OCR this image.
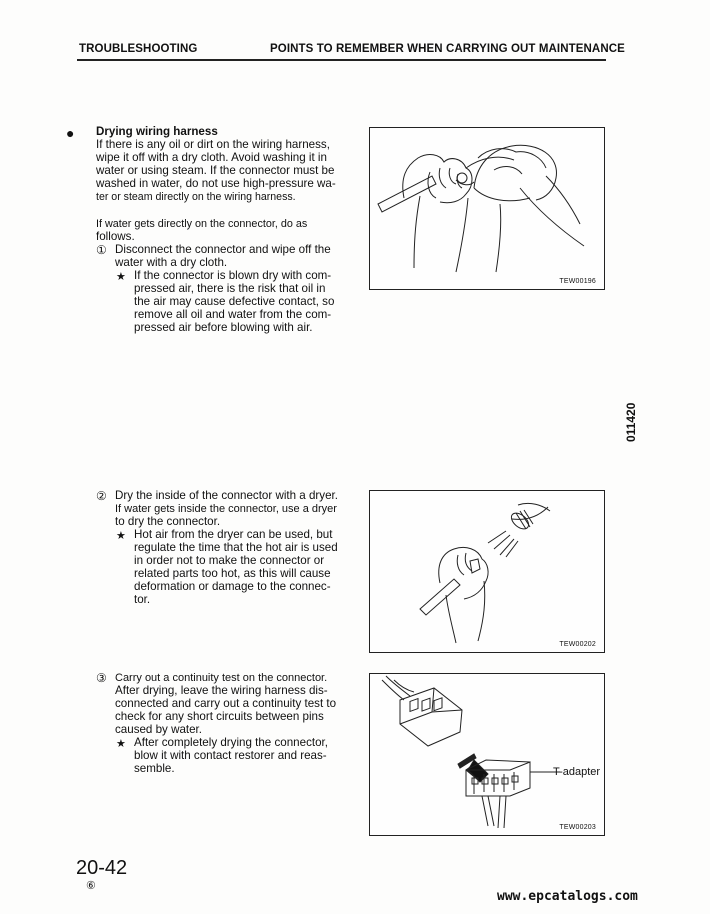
TROUBLESHOOTING	POINTS TO REMEMBER WHEN CARRYING OUT MAINTENANCE
● Drying wiring harness
If there is any oil or dirt on the wiring harness,
wipe it off with a dry cloth. Avoid washing it in
water or using steam. If the connector must be
washed in water, do not use high-pressure wa-
ter or steam directly on the wiring harness.
If water gets directly on the connector, do as
follows.
① Disconnect the connector and wipe off the
water with a dry cloth.
★ If the connector is blown dry with com-
pressed air, there is the risk that oil in
the air may cause defective contact, so
remove all oil and water from the com-
pressed air before blowing with air.
TEW00196
011420
② Dry the inside of the connector with a dryer.
If water gets inside the connector, use a dryer
to dry the connector.
★ Hot air from the dryer can be used, but
regulate the time that the hot air is used
in order not to make the connector or
related parts too hot, as this will cause
deformation or damage to the connec-
tor.
TEW00202
③ Carry out a continuity test on the connector.
After drying, leave the wiring harness dis-
connected and carry out a continuity test to
check for any short circuits between pins
caused by water.
★ After completely drying the connector,
blow it with contact restorer and reas-
semble.	T-adapter
TEW00203
20-42
⑥
www.epcatalogs.com
